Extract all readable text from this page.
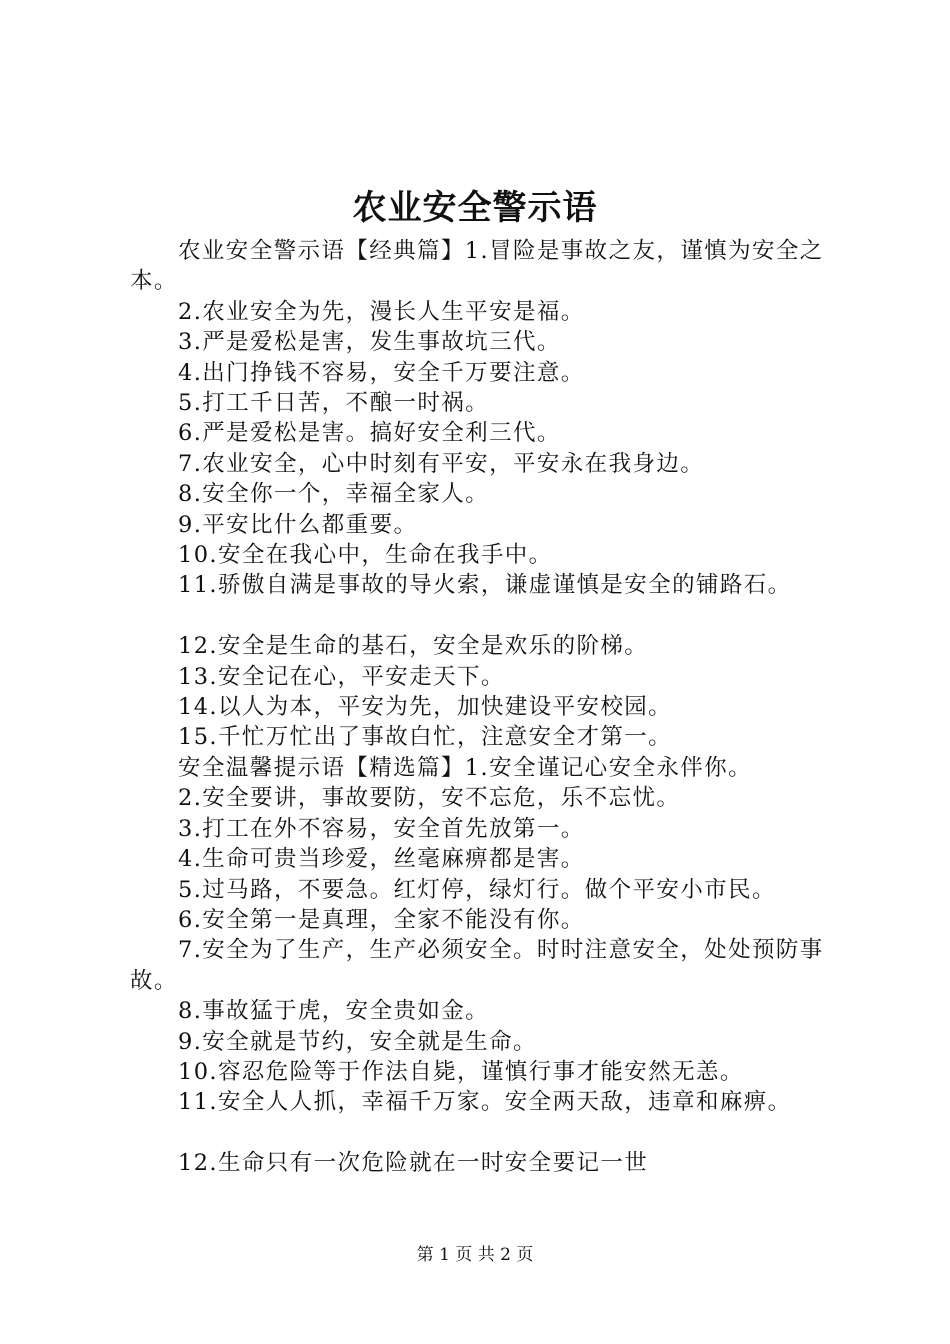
农业安全警示语

农业安全警示语【经典篇】1.冒险是事故之友，谨慎为安全之本。

2.农业安全为先，漫长人生平安是福。

3.严是爱松是害，发生事故坑三代。

4.出门挣钱不容易，安全千万要注意。

5.打工千日苦，不酿一时祸。

6.严是爱松是害。搞好安全利三代。

7.农业安全，心中时刻有平安，平安永在我身边。

8.安全你一个，幸福全家人。

9.平安比什么都重要。

10.安全在我心中，生命在我手中。

11.骄傲自满是事故的导火索，谦虚谨慎是安全的铺路石。

12.安全是生命的基石，安全是欢乐的阶梯。

13.安全记在心，平安走天下。

14.以人为本，平安为先，加快建设平安校园。

15.千忙万忙出了事故白忙，注意安全才第一。

安全温馨提示语【精选篇】1.安全谨记心安全永伴你。

2.安全要讲，事故要防，安不忘危，乐不忘忧。

3.打工在外不容易，安全首先放第一。

4.生命可贵当珍爱，丝毫麻痹都是害。

5.过马路，不要急。红灯停，绿灯行。做个平安小市民。

6.安全第一是真理，全家不能没有你。

7.安全为了生产，生产必须安全。时时注意安全，处处预防事故。

8.事故猛于虎，安全贵如金。

9.安全就是节约，安全就是生命。

10.容忍危险等于作法自毙，谨慎行事才能安然无恙。

11.安全人人抓，幸福千万家。安全两天敌，违章和麻痹。

12.生命只有一次危险就在一时安全要记一世

第 1 页 共 2 页
